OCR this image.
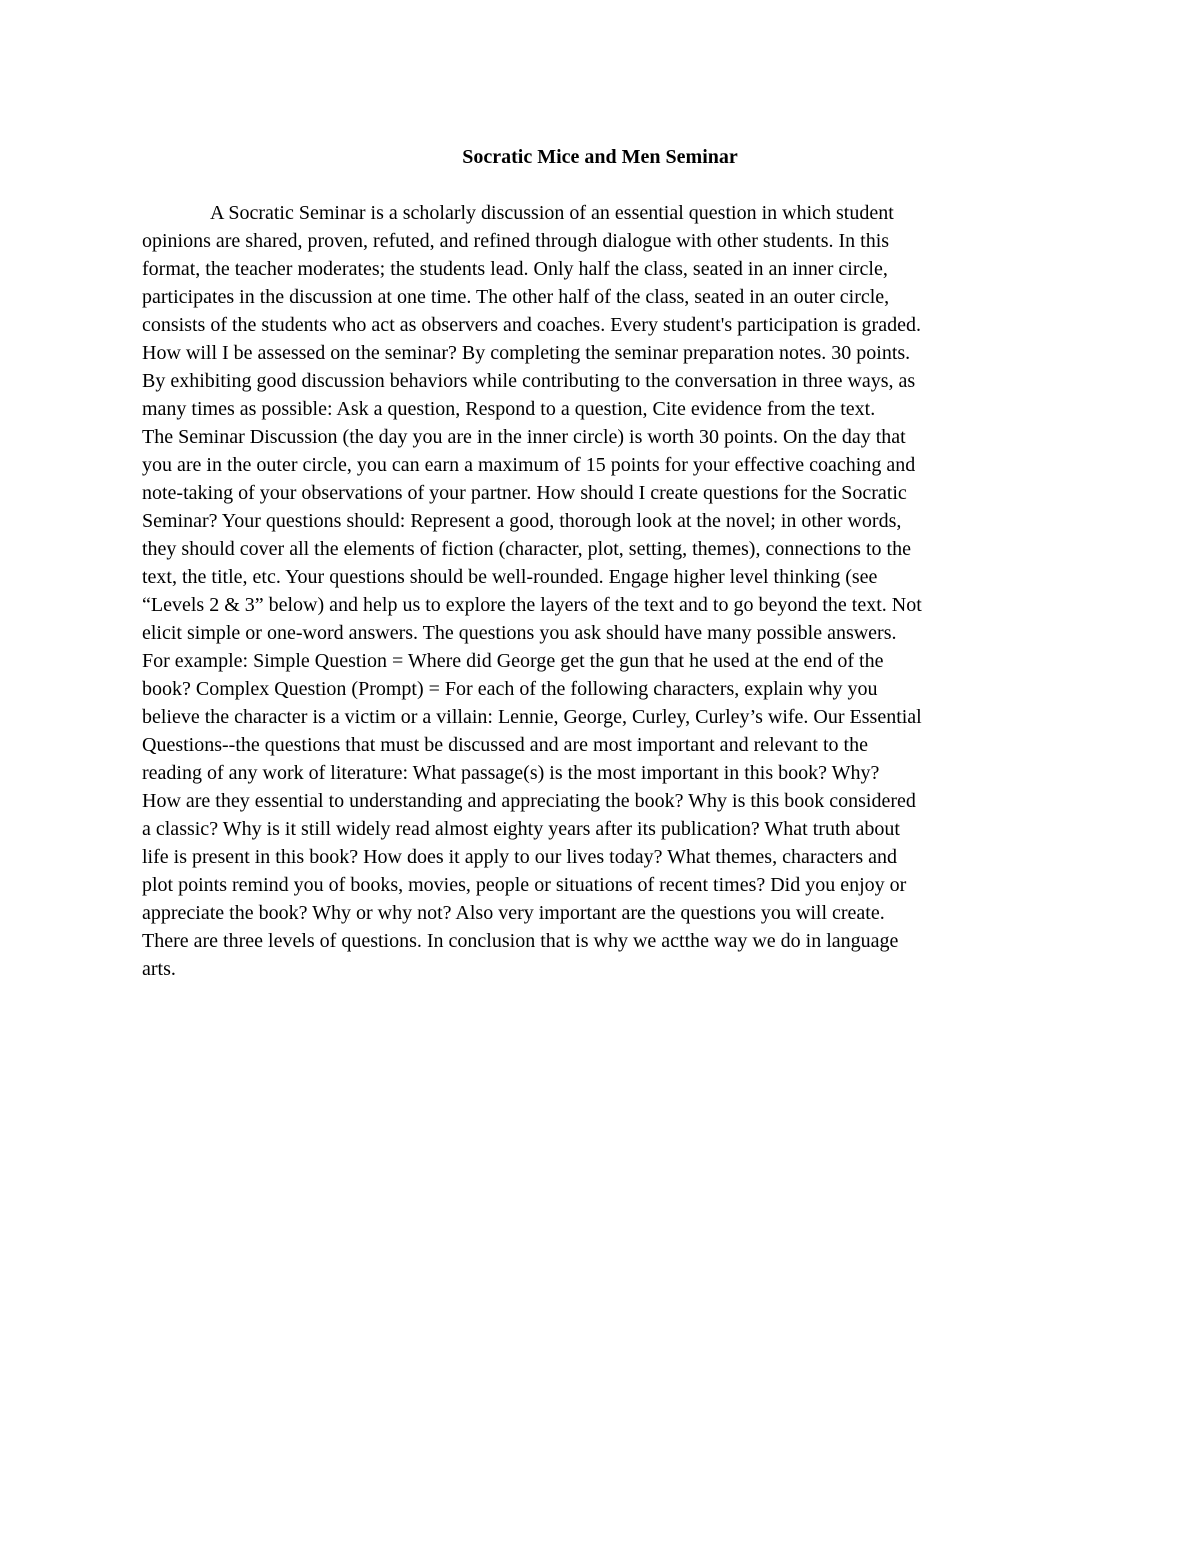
Socratic Mice and Men Seminar
A Socratic Seminar is a scholarly discussion of an essential question in which student
opinions are shared, proven, refuted, and refined through dialogue with other students. In this
format, the teacher moderates; the students lead. Only half the class, seated in an inner circle,
participates in the discussion at one time. The other half of the class, seated in an outer circle,
consists of the students who act as observers and coaches. Every student's participation is graded.
How will I be assessed on the seminar? By completing the seminar preparation notes. 30 points.
By exhibiting good discussion behaviors while contributing to the conversation in three ways, as
many times as possible: Ask a question, Respond to a question, Cite evidence from the text.
The Seminar Discussion (the day you are in the inner circle) is worth 30 points. On the day that
you are in the outer circle, you can earn a maximum of 15 points for your effective coaching and
note-taking of your observations of your partner. How should I create questions for the Socratic
Seminar? Your questions should: Represent a good, thorough look at the novel; in other words,
they should cover all the elements of fiction (character, plot, setting, themes), connections to the
text, the title, etc. Your questions should be well-rounded. Engage higher level thinking (see
“Levels 2 & 3” below) and help us to explore the layers of the text and to go beyond the text. Not
elicit simple or one-word answers. The questions you ask should have many possible answers.
For example: Simple Question = Where did George get the gun that he used at the end of the
book? Complex Question (Prompt) = For each of the following characters, explain why you
believe the character is a victim or a villain: Lennie, George, Curley, Curley’s wife. Our Essential
Questions--the questions that must be discussed and are most important and relevant to the
reading of any work of literature: What passage(s) is the most important in this book? Why?
How are they essential to understanding and appreciating the book? Why is this book considered
a classic? Why is it still widely read almost eighty years after its publication? What truth about
life is present in this book? How does it apply to our lives today? What themes, characters and
plot points remind you of books, movies, people or situations of recent times? Did you enjoy or
appreciate the book? Why or why not? Also very important are the questions you will create.
There are three levels of questions. In conclusion that is why we actthe way we do in language
arts.
